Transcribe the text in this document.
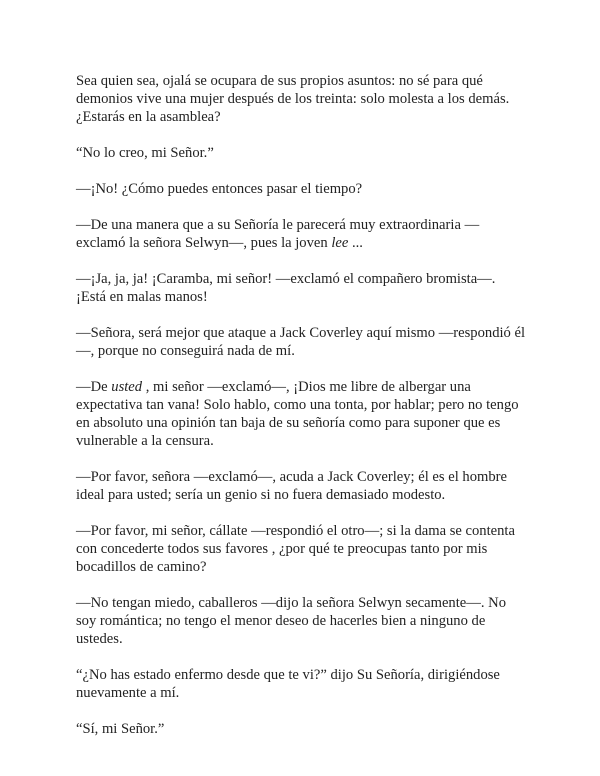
Sea quien sea, ojalá se ocupara de sus propios asuntos: no sé para qué demonios vive una mujer después de los treinta: solo molesta a los demás. ¿Estarás en la asamblea?

“No lo creo, mi Señor.”

—¡No! ¿Cómo puedes entonces pasar el tiempo?

—De una manera que a su Señoría le parecerá muy extraordinaria — exclamó la señora Selwyn—, pues la joven lee ...

—¡Ja, ja, ja! ¡Caramba, mi señor! —exclamó el compañero bromista—. ¡Está en malas manos!

—Señora, será mejor que ataque a Jack Coverley aquí mismo —respondió él—, porque no conseguirá nada de mí.

—De usted , mi señor —exclamó—, ¡Dios me libre de albergar una expectativa tan vana! Solo hablo, como una tonta, por hablar; pero no tengo en absoluto una opinión tan baja de su señoría como para suponer que es vulnerable a la censura.

—Por favor, señora —exclamó—, acuda a Jack Coverley; él es el hombre ideal para usted; sería un genio si no fuera demasiado modesto.

—Por favor, mi señor, cállate —respondió el otro—; si la dama se contenta con concederte todos sus favores , ¿por qué te preocupas tanto por mis bocadillos de camino?

—No tengan miedo, caballeros —dijo la señora Selwyn secamente—. No soy romántica; no tengo el menor deseo de hacerles bien a ninguno de ustedes.

“¿No has estado enfermo desde que te vi?” dijo Su Señoría, dirigiéndose nuevamente a mí.

“Sí, mi Señor.”
